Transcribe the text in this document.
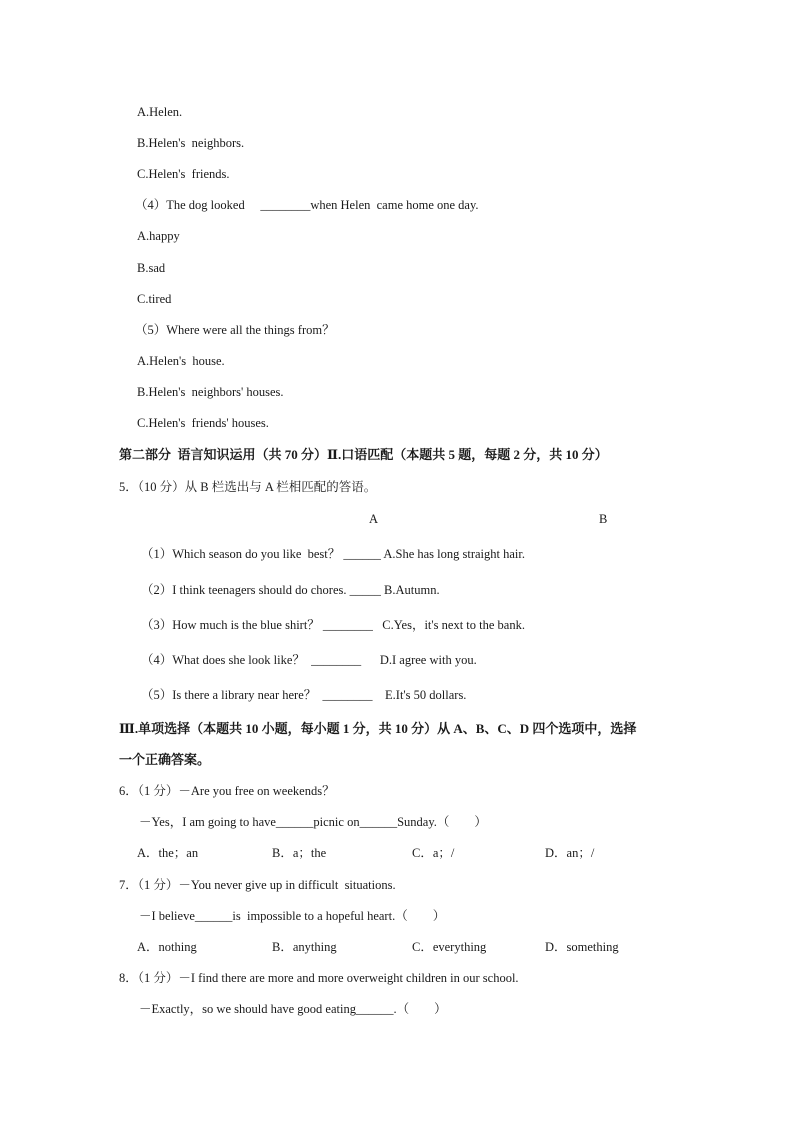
A.Helen.
B.Helen's  neighbors.
C.Helen's  friends.
（4）The dog looked     ________when Helen  came home one day.
A.happy
B.sad
C.tired
（5）Where were all the things from？
A.Helen's  house.
B.Helen's  neighbors' houses.
C.Helen's  friends' houses.
第二部分  语言知识运用（共 70 分）Ⅱ.口语匹配（本题共 5 题，每题 2 分，共 10 分）
5．（10 分）从 B 栏选出与 A 栏相匹配的答语。
A	B
（1）Which season do you like  best？ ______ A.She has long straight hair.
（2）I think teenagers should do chores. _____ B.Autumn.
（3）How much is the blue shirt？ ________   C.Yes，it's next to the bank.
（4）What does she look like？  ________      D.I agree with you.
（5）Is there a library near here？  ________    E.It's 50 dollars.
Ⅲ.单项选择（本题共 10 小题，每小题 1 分，共 10 分）从 A、B、C、D 四个选项中，选择
一个正确答案。
6．（1 分）－Are you free on weekends？
－Yes，I am going to have______picnic on______Sunday.（        ）
A．the；an	B．a；the	C．a；/	D．an；/
7．（1 分）－You never give up in difficult  situations.
－I believe______is  impossible to a hopeful heart.（        ）
A．nothing	B．anything	C．everything	D．something
8．（1 分）－I find there are more and more overweight children in our school.
－Exactly，so we should have good eating______.（        ）
